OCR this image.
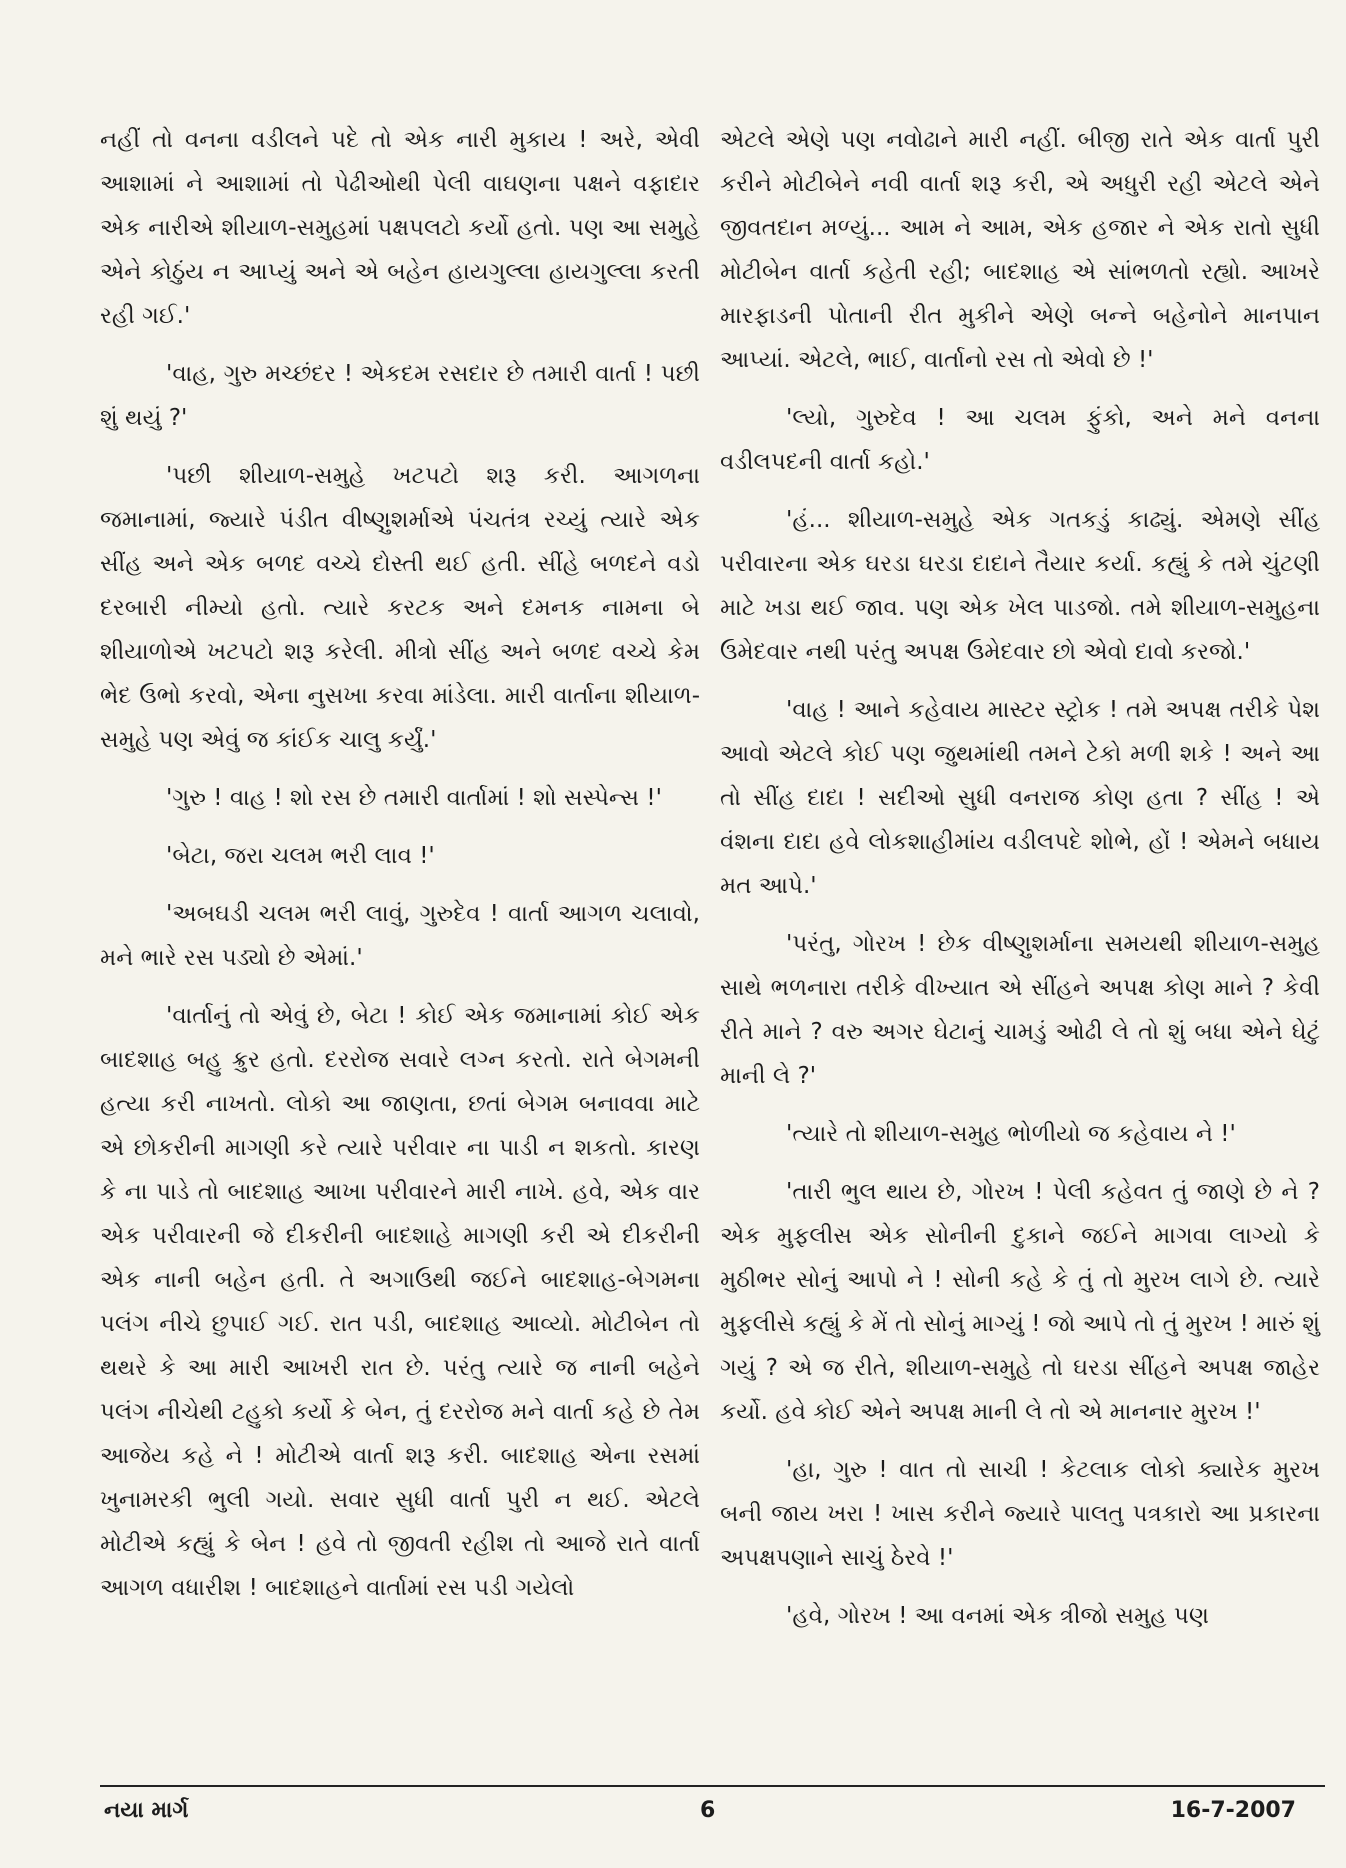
નહીં તો વનના વડીલને પદે તો એક નારી મુકાય ! અરે, એવી આશામાં ને આશામાં તો પેઢીઓથી પેલી વાઘણના પક્ષને વફાદાર એક નારીએ શીયાળ-સમુહમાં પક્ષપલટો કર્યો હતો. પણ આ સમુહે એને કોઠુંય ન આપ્યું અને એ બહેન હાયગુલ્લા હાયગુલ્લા કરતી રહી ગઈ.'

'વાહ, ગુરુ મચ્છંદર ! એકદમ રસદાર છે તમારી વાર્તા ! પછી શું થયું ?'

'પછી શીયાળ-સમુહે ખટપટો શરૂ કરી. આગળના જમાનામાં, જ્યારે પંડીત વીષ્ણુશર્માએ પંચતંત્ર રચ્યું ત્યારે એક સીંહ અને એક બળદ વચ્ચે દોસ્તી થઈ હતી. સીંહે બળદને વડો દરબારી નીમ્યો હતો. ત્યારે કરટક અને દમનક નામના બે શીયાળોએ ખટપટો શરૂ કરેલી. મીત્રો સીંહ અને બળદ વચ્ચે કેમ ભેદ ઉભો કરવો, એના નુસખા કરવા માંડેલા. મારી વાર્તાના શીયાળ-સમુહે પણ એવું જ કાંઈક ચાલુ કર્યું.'

'ગુરુ ! વાહ ! શો રસ છે તમારી વાર્તામાં ! શો સસ્પેન્સ !'

'બેટા, જરા ચલમ ભરી લાવ !'

'અબઘડી ચલમ ભરી લાવું, ગુરુદેવ ! વાર્તા આગળ ચલાવો, મને ભારે રસ પડ્યો છે એમાં.'

'વાર્તાનું તો એવું છે, બેટા ! કોઈ એક જમાનામાં કોઈ એક બાદશાહ બહુ ક્રુર હતો. દરરોજ સવારે લગ્ન કરતો. રાતે બેગમની હત્યા કરી નાખતો. લોકો આ જાણતા, છતાં બેગમ બનાવવા માટે એ છોકરીની માગણી કરે ત્યારે પરીવાર ના પાડી ન શકતો. કારણ કે ના પાડે તો બાદશાહ આખા પરીવારને મારી નાખે. હવે, એક વાર એક પરીવારની જે દીકરીની બાદશાહે માગણી કરી એ દીકરીની એક નાની બહેન હતી. તે અગાઉથી જઈને બાદશાહ-બેગમના પલંગ નીચે છુપાઈ ગઈ. રાત પડી, બાદશાહ આવ્યો. મોટીબેન તો થથરે કે આ મારી આખરી રાત છે. પરંતુ ત્યારે જ નાની બહેને પલંગ નીચેથી ટહુકો કર્યો કે બેન, તું દરરોજ મને વાર્તા કહે છે તેમ આજેય કહે ને ! મોટીએ વાર્તા શરૂ કરી. બાદશાહ એના રસમાં ખુનામરકી ભુલી ગયો. સવાર સુધી વાર્તા પુરી ન થઈ. એટલે મોટીએ કહ્યું કે બેન ! હવે તો જીવતી રહીશ તો આજે રાતે વાર્તા આગળ વધારીશ ! બાદશાહને વાર્તામાં રસ પડી ગયેલો

એટલે એણે પણ નવોઢાને મારી નહીં. બીજી રાતે એક વાર્તા પુરી કરીને મોટીબેને નવી વાર્તા શરૂ કરી, એ અધુરી રહી એટલે એને જીવતદાન મળ્યું... આમ ને આમ, એક હજાર ને એક રાતો સુધી મોટીબેન વાર્તા કહેતી રહી; બાદશાહ એ સાંભળતો રહ્યો. આખરે મારફાડની પોતાની રીત મુકીને એણે બન્ને બહેનોને માનપાન આપ્યાં. એટલે, ભાઈ, વાર્તાનો રસ તો એવો છે !'

'લ્યો, ગુરુદેવ ! આ ચલમ ફુંકો, અને મને વનના વડીલપદની વાર્તા કહો.'

'હં... શીયાળ-સમુહે એક ગતકડું કાઢ્યું. એમણે સીંહ પરીવારના એક ઘરડા ઘરડા દાદાને તૈયાર કર્યા. કહ્યું કે તમે ચુંટણી માટે ખડા થઈ જાવ. પણ એક ખેલ પાડજો. તમે શીયાળ-સમુહના ઉમેદવાર નથી પરંતુ અપક્ષ ઉમેદવાર છો એવો દાવો કરજો.'

'વાહ ! આને કહેવાય માસ્ટર સ્ટ્રોક ! તમે અપક્ષ તરીકે પેશ આવો એટલે કોઈ પણ જુથમાંથી તમને ટેકો મળી શકે ! અને આ તો સીંહ દાદા ! સદીઓ સુધી વનરાજ કોણ હતા ? સીંહ ! એ વંશના દાદા હવે લોકશાહીમાંય વડીલપદે શોભે, હોં ! એમને બધાય મત આપે.'

'પરંતુ, ગોરખ ! છેક વીષ્ણુશર્માના સમયથી શીયાળ-સમુહ સાથે ભળનારા તરીકે વીખ્યાત એ સીંહને અપક્ષ કોણ માને ? કેવી રીતે માને ? વરુ અગર ઘેટાનું ચામડું ઓઢી લે તો શું બધા એને ઘેટું માની લે ?'

'ત્યારે તો શીયાળ-સમુહ ભોળીયો જ કહેવાય ને !'

'તારી ભુલ થાય છે, ગોરખ ! પેલી કહેવત તું જાણે છે ને ? એક મુફલીસ એક સોનીની દુકાને જઈને માગવા લાગ્યો કે મુઠીભર સોનું આપો ને ! સોની કહે કે તું તો મુરખ લાગે છે. ત્યારે મુફલીસે કહ્યું કે મેં તો સોનું માગ્યું ! જો આપે તો તું મુરખ ! મારું શું ગયું ? એ જ રીતે, શીયાળ-સમુહે તો ઘરડા સીંહને અપક્ષ જાહેર કર્યો. હવે કોઈ એને અપક્ષ માની લે તો એ માનનાર મુરખ !'

'હા, ગુરુ ! વાત તો સાચી ! કેટલાક લોકો ક્યારેક મુરખ બની જાય ખરા ! ખાસ કરીને જ્યારે પાલતુ પત્રકારો આ પ્રકારના અપક્ષપણાને સાચું ઠેરવે !'

'હવે, ગોરખ ! આ વનમાં એક ત્રીજો સમુહ પણ

નયા માર્ગ	6	16-7-2007
